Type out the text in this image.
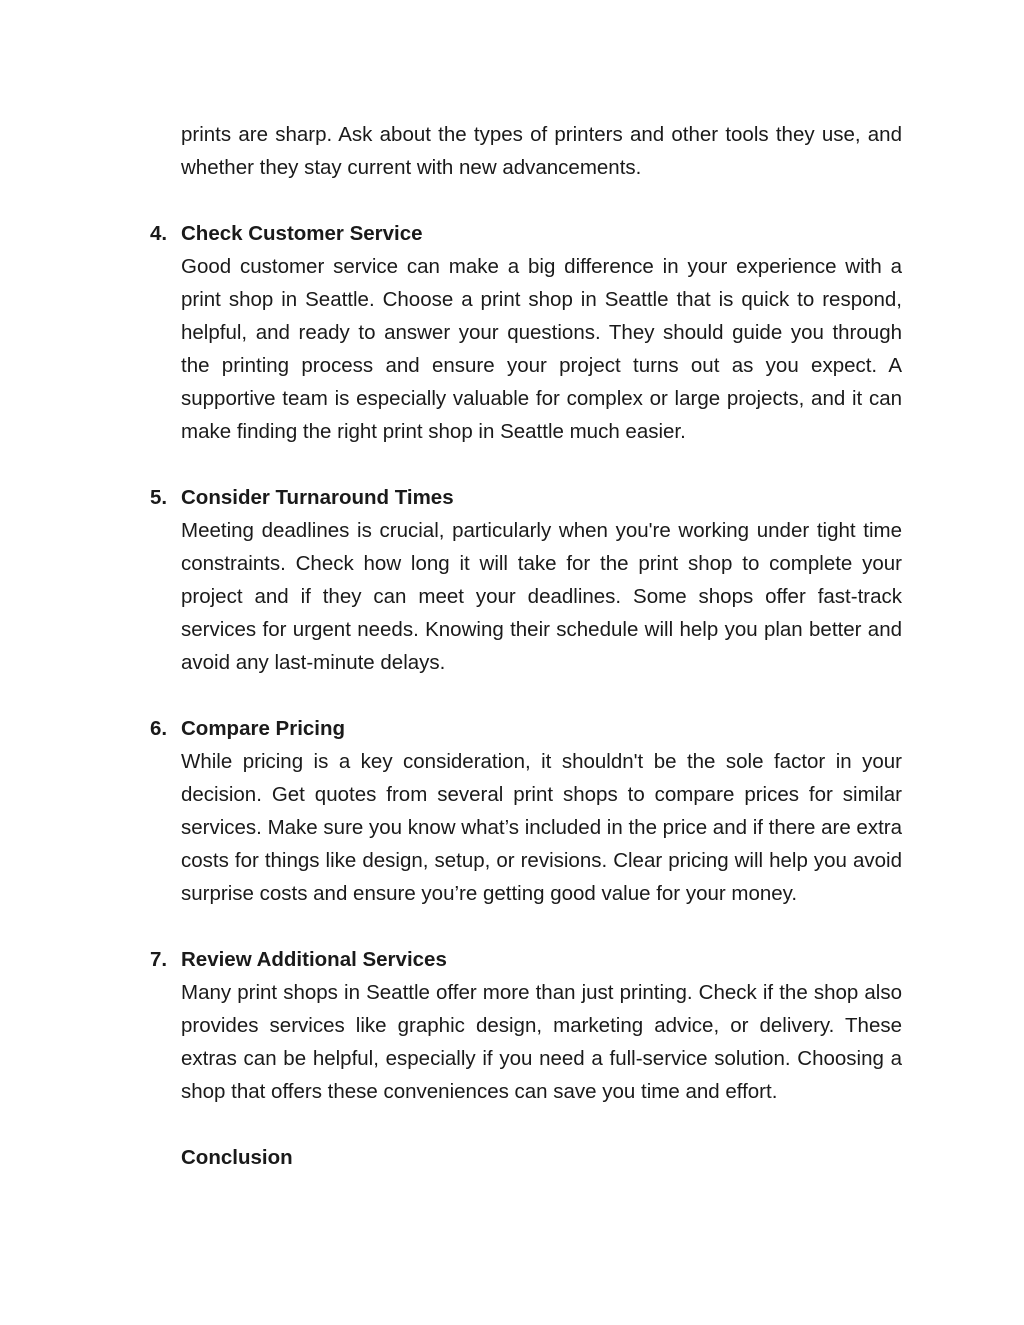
prints are sharp. Ask about the types of printers and other tools they use, and whether they stay current with new advancements.

4. Check Customer Service

Good customer service can make a big difference in your experience with a print shop in Seattle. Choose a print shop in Seattle that is quick to respond, helpful, and ready to answer your questions. They should guide you through the printing process and ensure your project turns out as you expect. A supportive team is especially valuable for complex or large projects, and it can make finding the right print shop in Seattle much easier.

5. Consider Turnaround Times

Meeting deadlines is crucial, particularly when you're working under tight time constraints. Check how long it will take for the print shop to complete your project and if they can meet your deadlines. Some shops offer fast-track services for urgent needs. Knowing their schedule will help you plan better and avoid any last-minute delays.

6. Compare Pricing

While pricing is a key consideration, it shouldn't be the sole factor in your decision. Get quotes from several print shops to compare prices for similar services. Make sure you know what’s included in the price and if there are extra costs for things like design, setup, or revisions. Clear pricing will help you avoid surprise costs and ensure you’re getting good value for your money.

7. Review Additional Services

Many print shops in Seattle offer more than just printing. Check if the shop also provides services like graphic design, marketing advice, or delivery. These extras can be helpful, especially if you need a full-service solution. Choosing a shop that offers these conveniences can save you time and effort.

Conclusion
